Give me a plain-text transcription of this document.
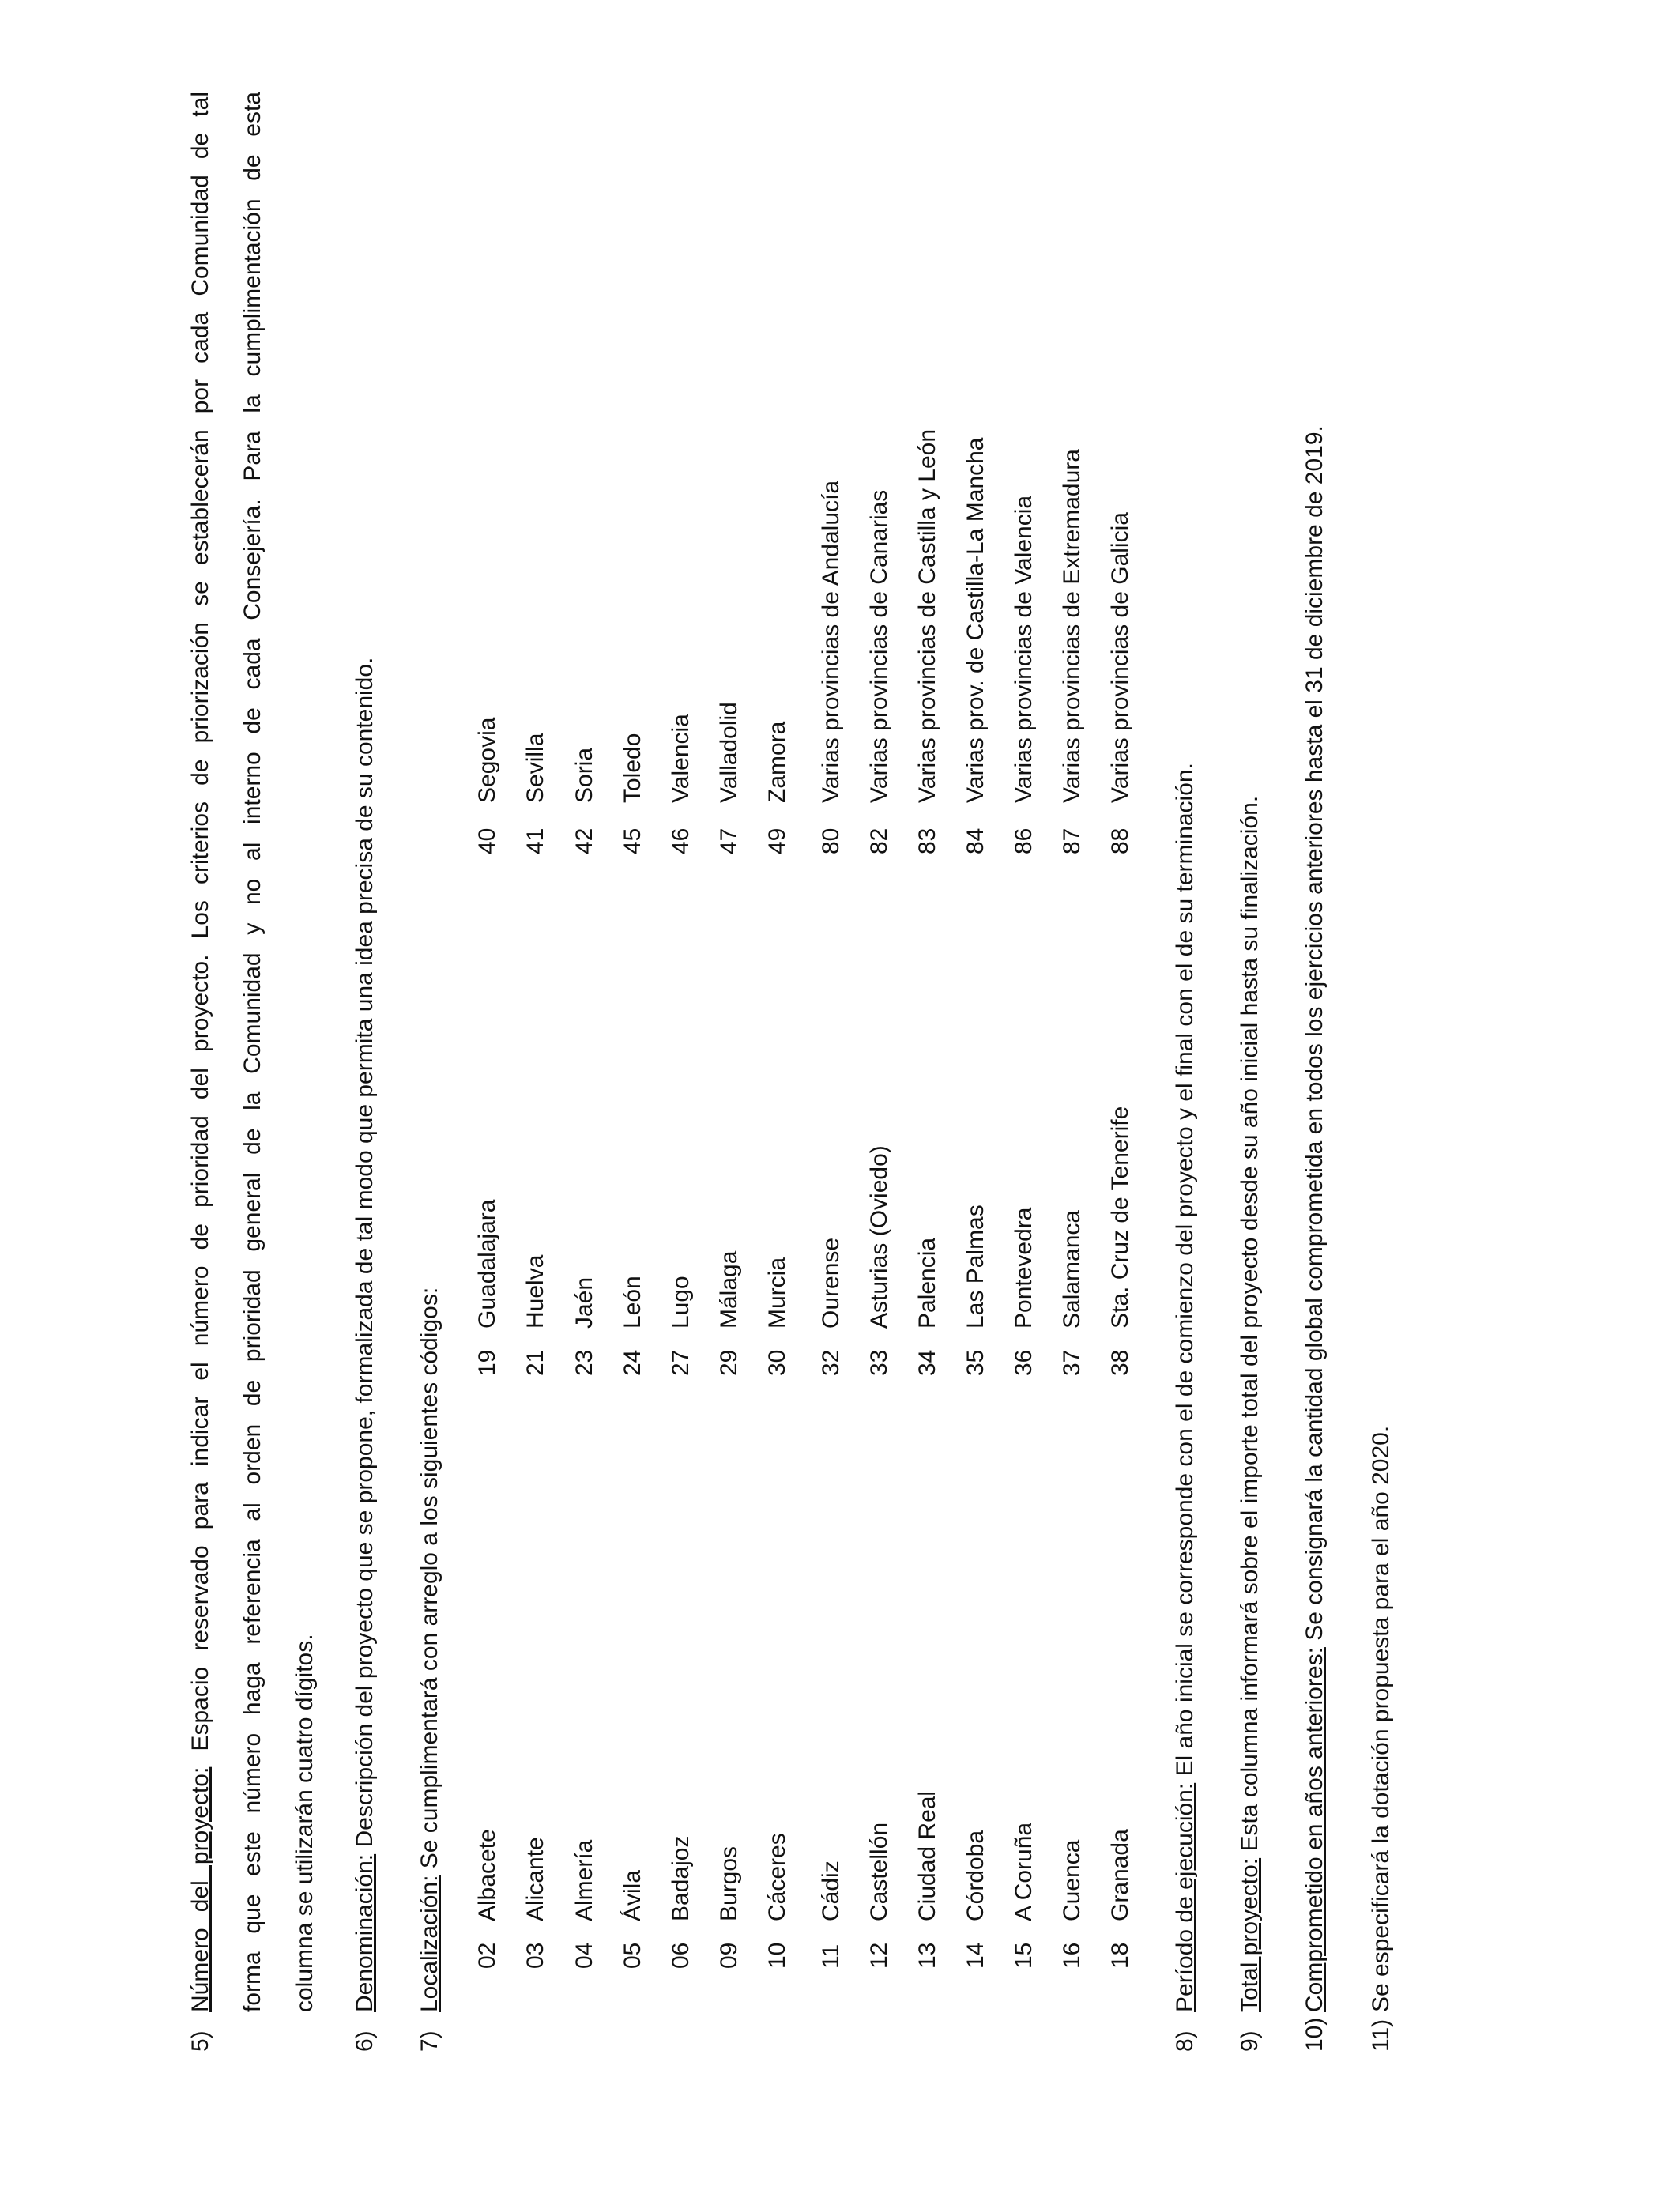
5)
Número del proyecto: Espacio reservado para indicar el número de prioridad del proyecto. Los criterios de priorización se establecerán por cada Comunidad de tal forma que este número haga referencia al orden de prioridad general de la Comunidad y no al interno de cada Consejería. Para la cumplimentación de esta columna se utilizarán cuatro dígitos.
6)
Denominación: Descripción del proyecto que se propone, formalizada de tal modo que permita una idea precisa de su contenido.
7)
Localización: Se cumplimentará con arreglo a los siguientes códigos:
8)
Período de ejecución: El año inicial se corresponde con el de comienzo del proyecto y el final con el de su terminación.
9)
Total proyecto: Esta columna informará sobre el importe total del proyecto desde su año inicial hasta su finalización.
10)
Comprometido en años anteriores: Se consignará la cantidad global comprometida en todos los ejercicios anteriores hasta el 31 de diciembre de 2019.
11)
Se especificará la dotación propuesta para el año 2020.
02
Albacete
19
Guadalajara
40
Segovia
03
Alicante
21
Huelva
41
Sevilla
04
Almería
23
Jaén
42
Soria
05
Ávila
24
León
45
Toledo
06
Badajoz
27
Lugo
46
Valencia
09
Burgos
29
Málaga
47
Valladolid
10
Cáceres
30
Murcia
49
Zamora
11
Cádiz
32
Ourense
80
Varias provincias de Andalucía
12
Castellón
33
Asturias (Oviedo)
82
Varias provincias de Canarias
13
Ciudad Real
34
Palencia
83
Varias provincias de Castilla y León
14
Córdoba
35
Las Palmas
84
Varias prov. de Castilla-La Mancha
15
A Coruña
36
Pontevedra
86
Varias provincias de Valencia
16
Cuenca
37
Salamanca
87
Varias provincias de Extremadura
18
Granada
38
Sta. Cruz de Tenerife
88
Varias provincias de Galicia
